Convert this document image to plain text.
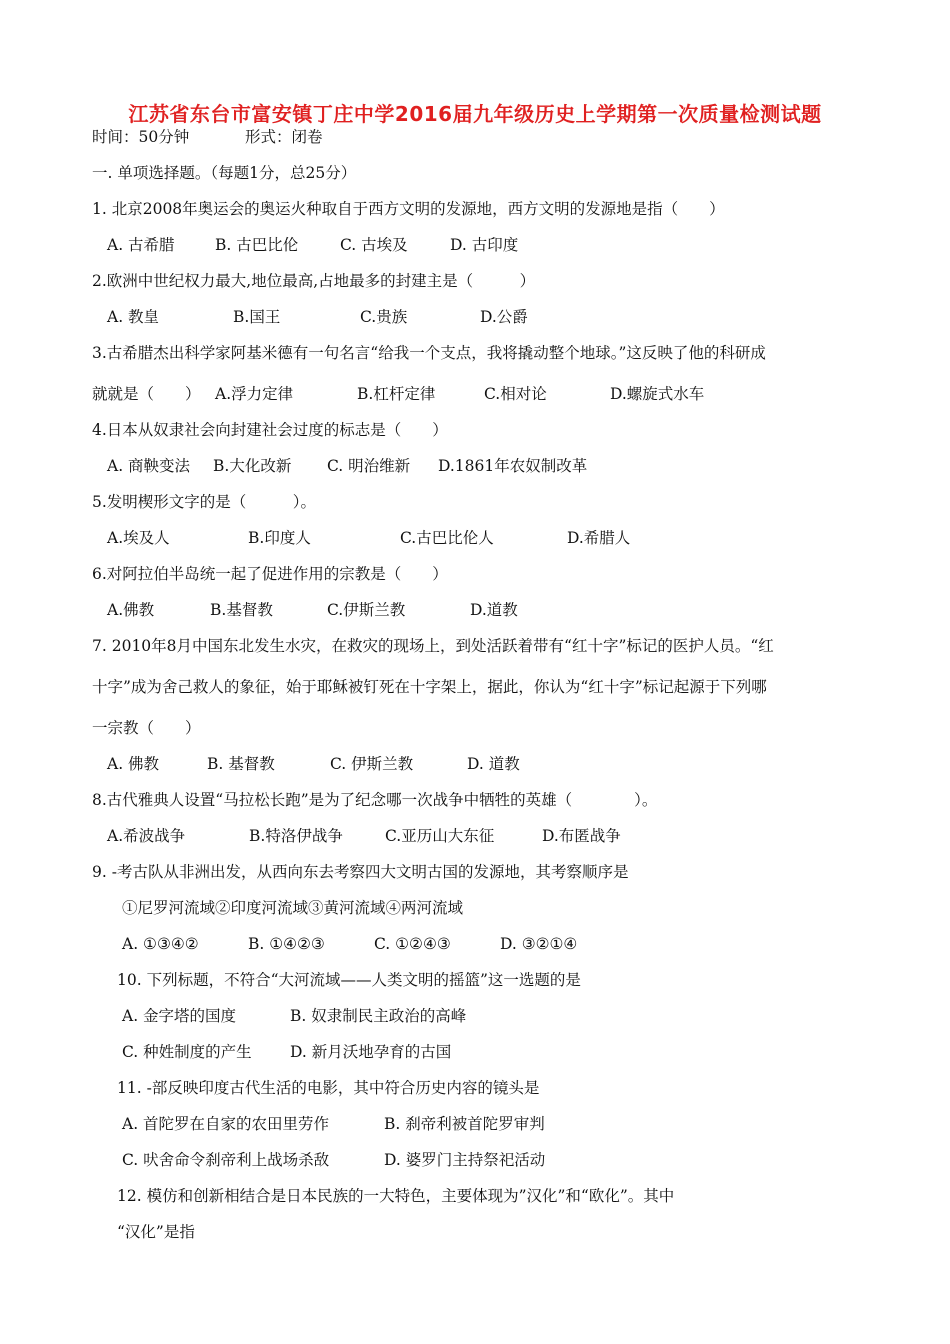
江苏省东台市富安镇丁庄中学2016届九年级历史上学期第一次质量检测试题
时间：50分钟	形式：闭卷
一. 单项选择题。（每题1分，总25分）
1. 北京2008年奥运会的奥运火种取自于西方文明的发源地，西方文明的发源地是指（　　）
A. 古希腊	B. 古巴比伦	C. 古埃及	D. 古印度
2.欧洲中世纪权力最大,地位最高,占地最多的封建主是（　　　）
A. 教皇	B.国王	C.贵族	D.公爵
3.古希腊杰出科学家阿基米德有一句名言“给我一个支点，我将撬动整个地球。”这反映了他的科研成
就就是（　　） A.浮力定律	B.杠杆定律	C.相对论	D.螺旋式水车
4.日本从奴隶社会向封建社会过度的标志是（　　）
A. 商鞅变法 B.大化改新 C. 明治维新 D.1861年农奴制改革
5.发明楔形文字的是（　　　）。
A.埃及人	B.印度人	C.古巴比伦人	D.希腊人
6.对阿拉伯半岛统一起了促进作用的宗教是（　　）
A.佛教	B.基督教	C.伊斯兰教	D.道教
7. 2010年8月中国东北发生水灾，在救灾的现场上，到处活跃着带有“红十字”标记的医护人员。“红
十字”成为舍己救人的象征，始于耶稣被钉死在十字架上，据此，你认为“红十字”标记起源于下列哪
一宗教（　　）
A. 佛教	B. 基督教	C. 伊斯兰教	D. 道教
8.古代雅典人设置“马拉松长跑”是为了纪念哪一次战争中牺牲的英雄（　　　　）。
A.希波战争	B.特洛伊战争	C.亚历山大东征	D.布匿战争
9. -考古队从非洲出发，从西向东去考察四大文明古国的发源地，其考察顺序是
①尼罗河流域②印度河流域③黄河流域④两河流域
A. ①③④②	B. ①④②③	C. ①②④③	D. ③②①④
10. 下列标题，不符合“大河流域——人类文明的摇篮”这一选题的是
A. 金字塔的国度	B. 奴隶制民主政治的高峰
C. 种姓制度的产生 D. 新月沃地孕育的古国
11. -部反映印度古代生活的电影，其中符合历史内容的镜头是
A. 首陀罗在自家的农田里劳作	B. 刹帝利被首陀罗审判
C. 吠舍命令刹帝利上战场杀敌	D. 婆罗门主持祭祀活动
12. 模仿和创新相结合是日本民族的一大特色，主要体现为”汉化”和“欧化”。其中
“汉化”是指
